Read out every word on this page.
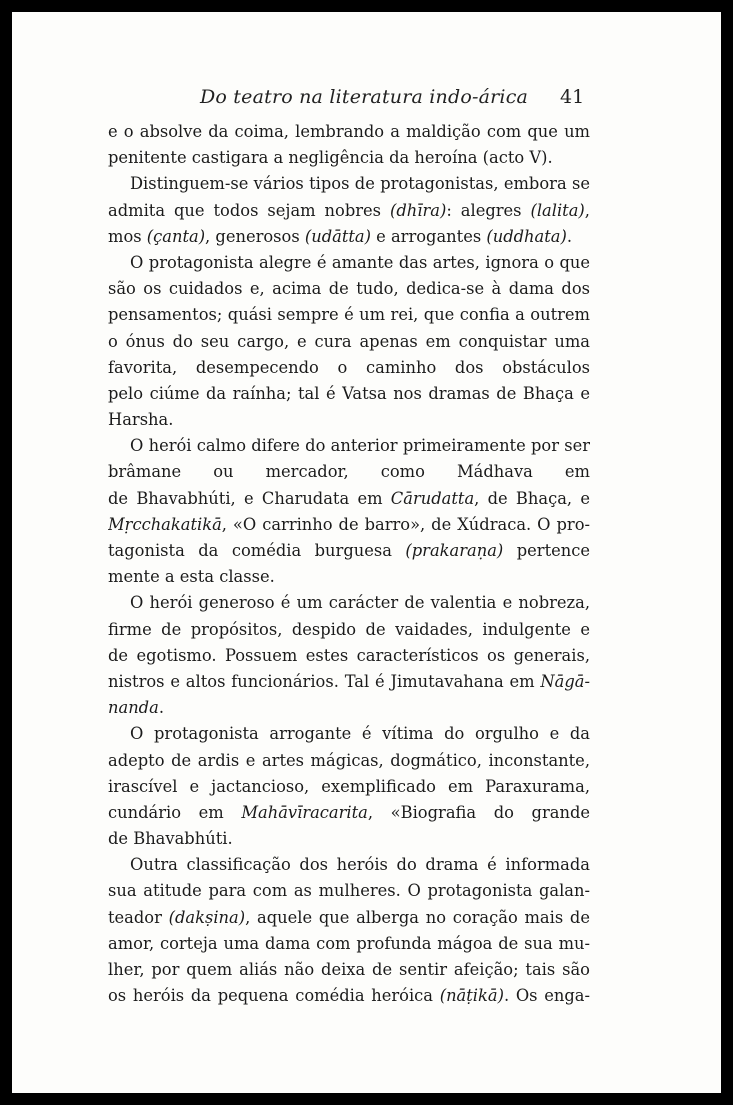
Do teatro na literatura indo-árica 41
e o absolve da coima, lembrando a maldição com que um
penitente castigara a negligência da heroína (acto V).
Distinguem-se vários tipos de protagonistas, embora se
admita que todos sejam nobres (dhīra): alegres (lalita),
mos (çanta), generosos (udātta) e arrogantes (uddhata).
O protagonista alegre é amante das artes, ignora o que
são os cuidados e, acima de tudo, dedica-se à dama dos
pensamentos; quási sempre é um rei, que confia a outrem
o ónus do seu cargo, e cura apenas em conquistar uma
favorita, desempecendo o caminho dos obstáculos
pelo ciúme da raínha; tal é Vatsa nos dramas de Bhaça e
Harsha.
O herói calmo difere do anterior primeiramente por ser
brâmane ou mercador, como Mádhava em
de Bhavabhúti, e Charudata em Cārudatta, de Bhaça, e
Mṛcchakatikā, «O carrinho de barro», de Xúdraca. O pro-
tagonista da comédia burguesa (prakaraṇa) pertence
mente a esta classe.
O herói generoso é um carácter de valentia e nobreza,
firme de propósitos, despido de vaidades, indulgente e
de egotismo. Possuem estes característicos os generais,
nistros e altos funcionários. Tal é Jimutavahana em Nāgā-
nanda.
O protagonista arrogante é vítima do orgulho e da
adepto de ardis e artes mágicas, dogmático, inconstante,
irascível e jactancioso, exemplificado em Paraxurama,
cundário em Mahāvīracarita, «Biografia do grande
de Bhavabhúti.
Outra classificação dos heróis do drama é informada
sua atitude para com as mulheres. O protagonista galan-
teador (dakṣina), aquele que alberga no coração mais de
amor, corteja uma dama com profunda mágoa de sua mu-
lher, por quem aliás não deixa de sentir afeição; tais são
os heróis da pequena comédia heróica (nāṭikā). Os enga-
